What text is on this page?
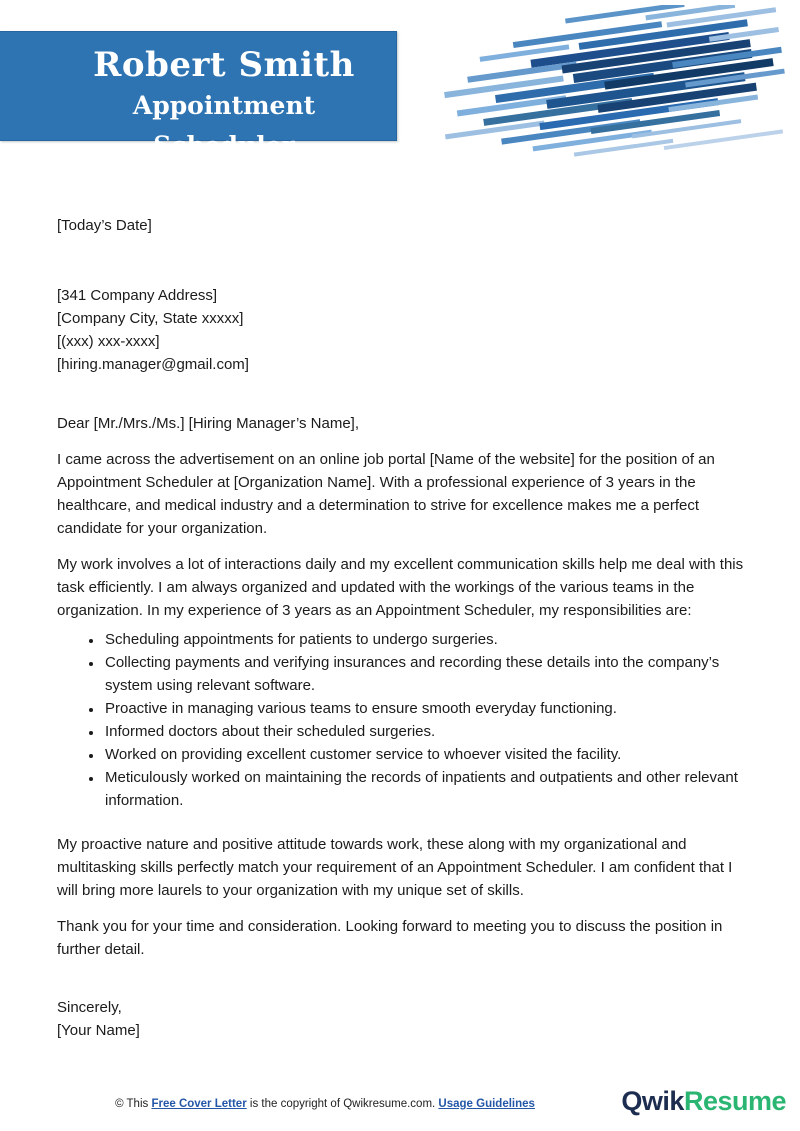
Robert Smith
Appointment Scheduler
[Today’s Date]
[341 Company Address]
[Company City, State xxxxx]
[(xxx) xxx-xxxx]
[hiring.manager@gmail.com]
Dear [Mr./Mrs./Ms.] [Hiring Manager’s Name],

I came across the advertisement on an online job portal [Name of the website] for the position of an Appointment Scheduler at [Organization Name]. With a professional experience of 3 years in the healthcare, and medical industry and a determination to strive for excellence makes me a perfect candidate for your organization.

My work involves a lot of interactions daily and my excellent communication skills help me deal with this task efficiently. I am always organized and updated with the workings of the various teams in the organization. In my experience of 3 years as an Appointment Scheduler, my responsibilities are:

• Scheduling appointments for patients to undergo surgeries.
• Collecting payments and verifying insurances and recording these details into the company’s system using relevant software.
• Proactive in managing various teams to ensure smooth everyday functioning.
• Informed doctors about their scheduled surgeries.
• Worked on providing excellent customer service to whoever visited the facility.
• Meticulously worked on maintaining the records of inpatients and outpatients and other relevant information.

My proactive nature and positive attitude towards work, these along with my organizational and multitasking skills perfectly match your requirement of an Appointment Scheduler. I am confident that I will bring more laurels to your organization with my unique set of skills.

Thank you for your time and consideration. Looking forward to meeting you to discuss the position in further detail.

Sincerely,
[Your Name]
© This Free Cover Letter is the copyright of Qwikresume.com. Usage Guidelines	QwikResume
